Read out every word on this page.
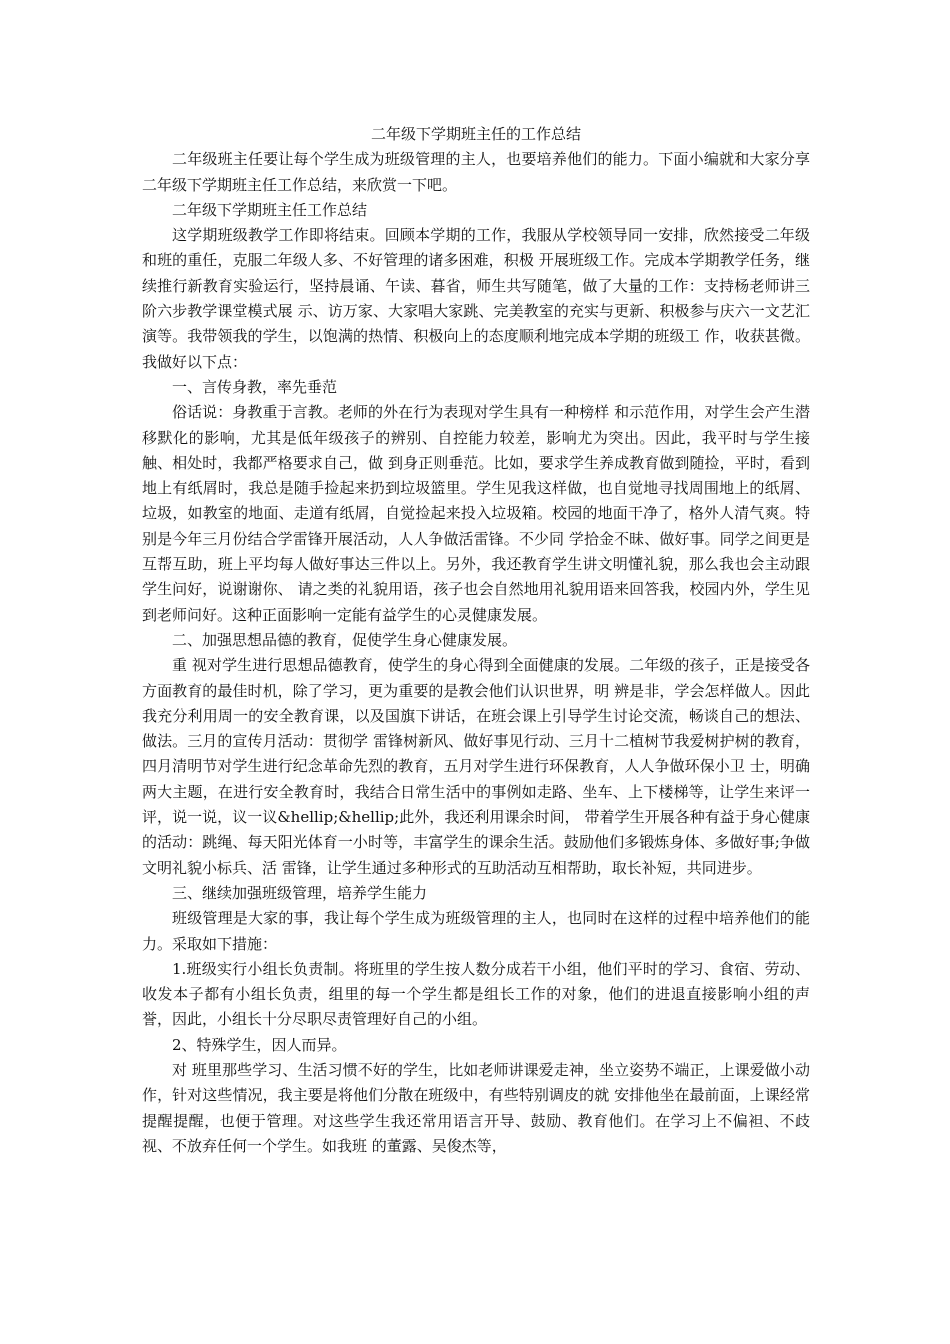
二年级下学期班主任的工作总结

二年级班主任要让每个学生成为班级管理的主人，也要培养他们的能力。下面小编就和大家分享二年级下学期班主任工作总结，来欣赏一下吧。

二年级下学期班主任工作总结

这学期班级教学工作即将结束。回顾本学期的工作，我服从学校领导同一安排，欣然接受二年级和班的重任，克服二年级人多、不好管理的诸多困难，积极 开展班级工作。完成本学期教学任务，继续推行新教育实验运行，坚持晨诵、午读、暮省，师生共写随笔，做了大量的工作：支持杨老师讲三阶六步教学课堂模式展 示、访万家、大家唱大家跳、完美教室的充实与更新、积极参与庆六一文艺汇演等。我带领我的学生，以饱满的热情、积极向上的态度顺利地完成本学期的班级工 作，收获甚微。我做好以下点：

一、言传身教，率先垂范

俗话说：身教重于言教。老师的外在行为表现对学生具有一种榜样 和示范作用，对学生会产生潜移默化的影响，尤其是低年级孩子的辨别、自控能力较差，影响尤为突出。因此，我平时与学生接触、相处时，我都严格要求自己，做 到身正则垂范。比如，要求学生养成教育做到随捡，平时，看到地上有纸屑时，我总是随手捡起来扔到垃圾篮里。学生见我这样做，也自觉地寻找周围地上的纸屑、 垃圾，如教室的地面、走道有纸屑，自觉捡起来投入垃圾箱。校园的地面干净了，格外人清气爽。特别是今年三月份结合学雷锋开展活动，人人争做活雷锋。不少同 学拾金不昧、做好事。同学之间更是互帮互助，班上平均每人做好事达三件以上。另外，我还教育学生讲文明懂礼貌，那么我也会主动跟学生问好，说谢谢你、 请之类的礼貌用语，孩子也会自然地用礼貌用语来回答我，校园内外，学生见到老师问好。这种正面影响一定能有益学生的心灵健康发展。

二、加强思想品德的教育，促使学生身心健康发展。

重 视对学生进行思想品德教育，使学生的身心得到全面健康的发展。二年级的孩子，正是接受各方面教育的最佳时机，除了学习，更为重要的是教会他们认识世界，明 辨是非，学会怎样做人。因此我充分利用周一的安全教育课，以及国旗下讲话，在班会课上引导学生讨论交流，畅谈自己的想法、做法。三月的宣传月活动：贯彻学 雷锋树新风、做好事见行动、三月十二植树节我爱树护树的教育，四月清明节对学生进行纪念革命先烈的教育，五月对学生进行环保教育，人人争做环保小卫 士，明确两大主题，在进行安全教育时，我结合日常生活中的事例如走路、坐车、上下楼梯等，让学生来评一评，说一说，议一议&hellip;&hellip;此外，我还利用课余时间， 带着学生开展各种有益于身心健康的活动：跳绳、每天阳光体育一小时等，丰富学生的课余生活。鼓励他们多锻炼身体、多做好事;争做文明礼貌小标兵、活 雷锋，让学生通过多种形式的互助活动互相帮助，取长补短，共同进步。

三、继续加强班级管理，培养学生能力

班级管理是大家的事，我让每个学生成为班级管理的主人，也同时在这样的过程中培养他们的能力。采取如下措施：

1.班级实行小组长负责制。将班里的学生按人数分成若干小组，他们平时的学习、食宿、劳动、收发本子都有小组长负责，组里的每一个学生都是组长工作的对象，他们的进退直接影响小组的声誉，因此，小组长十分尽职尽责管理好自己的小组。

2、特殊学生，因人而异。

对 班里那些学习、生活习惯不好的学生，比如老师讲课爱走神，坐立姿势不端正，上课爱做小动作，针对这些情况，我主要是将他们分散在班级中，有些特别调皮的就 安排他坐在最前面，上课经常提醒提醒，也便于管理。对这些学生我还常用语言开导、鼓励、教育他们。在学习上不偏袒、不歧视、不放弃任何一个学生。如我班 的董露、吴俊杰等，
